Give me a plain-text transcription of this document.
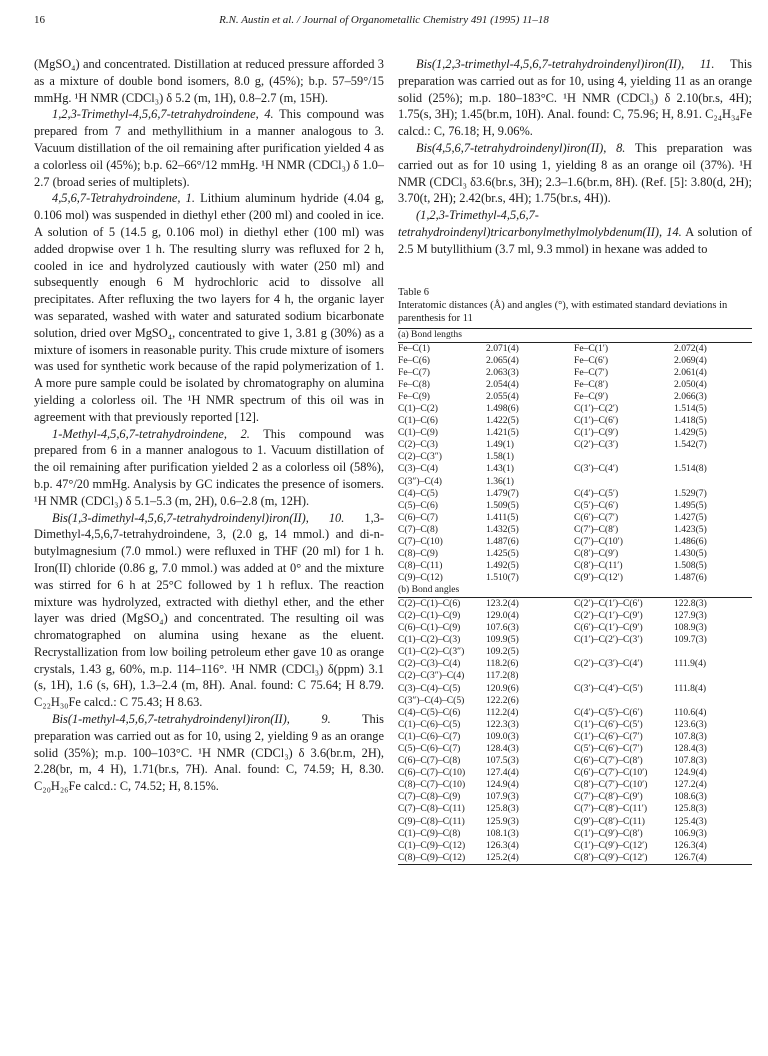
16	R.N. Austin et al. / Journal of Organometallic Chemistry 491 (1995) 11–18

(MgSO₄) and concentrated. Distillation at reduced pressure afforded 3 as a mixture of double bond isomers, 8.0 g, (45%); b.p. 57–59°/15 mmHg. ¹H NMR (CDCl₃) δ 5.2 (m, 1H), 0.8–2.7 (m, 15H).

1,2,3-Trimethyl-4,5,6,7-tetrahydroindene, 4. This compound was prepared from 7 and methyllithium in a manner analogous to 3. Vacuum distillation of the oil remaining after purification yielded 4 as a colorless oil (45%); b.p. 62–66°/12 mmHg. ¹H NMR (CDCl₃) δ 1.0–2.7 (broad series of multiplets).

4,5,6,7-Tetrahydroindene, 1. Lithium aluminum hydride (4.04 g, 0.106 mol) was suspended in diethyl ether (200 ml) and cooled in ice. A solution of 5 (14.5 g, 0.106 mol) in diethyl ether (100 ml) was added dropwise over 1 h. The resulting slurry was refluxed for 2 h, cooled in ice and hydrolyzed cautiously with water (250 ml) and subsequently enough 6 M hydrochloric acid to dissolve all precipitates. After refluxing the two layers for 4 h, the organic layer was separated, washed with water and saturated sodium bicarbonate solution, dried over MgSO₄, concentrated to give 1, 3.81 g (30%) as a mixture of isomers in reasonable purity. This crude mixture of isomers was used for synthetic work because of the rapid polymerization of 1. A more pure sample could be isolated by chromatography on alumina yielding a colorless oil. The ¹H NMR spectrum of this oil was in agreement with that previously reported [12].

1-Methyl-4,5,6,7-tetrahydroindene, 2. This compound was prepared from 6 in a manner analogous to 1. Vacuum distillation of the oil remaining after purification yielded 2 as a colorless oil (58%), b.p. 47°/20 mmHg. Analysis by GC indicates the presence of isomers. ¹H NMR (CDCl₃) δ 5.1–5.3 (m, 2H), 0.6–2.8 (m, 12H).

Bis(1,3-dimethyl-4,5,6,7-tetrahydroindenyl)iron(II), 10. 1,3-Dimethyl-4,5,6,7-tetrahydroindene, 3, (2.0 g, 14 mmol.) and di-n-butylmagnesium (7.0 mmol.) were refluxed in THF (20 ml) for 1 h. Iron(II) chloride (0.86 g, 7.0 mmol.) was added at 0° and the mixture was stirred for 6 h at 25°C followed by 1 h reflux. The reaction mixture was hydrolyzed, extracted with diethyl ether, and the ether layer was dried (MgSO₄) and concentrated. The resulting oil was chromatographed on alumina using hexane as the eluent. Recrystallization from low boiling petroleum ether gave 10 as orange crystals, 1.43 g, 60%, m.p. 114–116°. ¹H NMR (CDCl₃) δ(ppm) 3.1 (s, 1H), 1.6 (s, 6H), 1.3–2.4 (m, 8H). Anal. found: C 75.64; H 8.79. C₂₂H₃₀Fe calcd.: C 75.43; H 8.63.

Bis(1-methyl-4,5,6,7-tetrahydroindenyl)iron(II), 9. This preparation was carried out as for 10, using 2, yielding 9 as an orange solid (35%); m.p. 100–103°C. ¹H NMR (CDCl₃) δ 3.6(br.m, 2H), 2.28(br, m, 4 H), 1.71(br.s, 7H). Anal. found: C, 74.59; H, 8.30. C₂₀H₂₆Fe calcd.: C, 74.52; H, 8.15%.

Bis(1,2,3-trimethyl-4,5,6,7-tetrahydroindenyl)iron(II), 11. This preparation was carried out as for 10, using 4, yielding 11 as an orange solid (25%); m.p. 180–183°C. ¹H NMR (CDCl₃) δ 2.10(br.s, 4H); 1.75(s, 3H); 1.45(br.m, 10H). Anal. found: C, 75.96; H, 8.91. C₂₄H₃₄Fe calcd.: C, 76.18; H, 9.06%.

Bis(4,5,6,7-tetrahydroindenyl)iron(II), 8. This preparation was carried out as for 10 using 1, yielding 8 as an orange oil (37%). ¹H NMR (CDCl₃ δ3.6(br.s, 3H); 2.3–1.6(br.m, 8H). (Ref. [5]: 3.80(d, 2H); 3.70(t, 2H); 2.42(br.s, 4H); 1.75(br.s, 4H)).

(1,2,3-Trimethyl-4,5,6,7-tetrahydroindenyl)tricarbonylmethylmolybdenum(II), 14. A solution of 2.5 M butyllithium (3.7 ml, 9.3 mmol) in hexane was added to

Table 6
Interatomic distances (Å) and angles (°), with estimated standard deviations in parenthesis for 11
(a) Bond lengths
Fe–C(1)	2.071(4)	Fe–C(1′)	2.072(4)
Fe–C(6)	2.065(4)	Fe–C(6′)	2.069(4)
Fe–C(7)	2.063(3)	Fe–C(7′)	2.061(4)
Fe–C(8)	2.054(4)	Fe–C(8′)	2.050(4)
Fe–C(9)	2.055(4)	Fe–C(9′)	2.066(3)
C(1)–C(2)	1.498(6)	C(1′)–C(2′)	1.514(5)
C(1)–C(6)	1.422(5)	C(1′)–C(6′)	1.418(5)
C(1)–C(9)	1.421(5)	C(1′)–C(9′)	1.429(5)
C(2)–C(3)	1.49(1)	C(2′)–C(3′)	1.542(7)
C(2)–C(3″)	1.58(1)		
C(3)–C(4)	1.43(1)	C(3′)–C(4′)	1.514(8)
C(3″)–C(4)	1.36(1)		
C(4)–C(5)	1.479(7)	C(4′)–C(5′)	1.529(7)
C(5)–C(6)	1.509(5)	C(5′)–C(6′)	1.495(5)
C(6)–C(7)	1.411(5)	C(6′)–C(7′)	1.427(5)
C(7)–C(8)	1.432(5)	C(7′)–C(8′)	1.423(5)
C(7)–C(10)	1.487(6)	C(7′)–C(10′)	1.486(6)
C(8)–C(9)	1.425(5)	C(8′)–C(9′)	1.430(5)
C(8)–C(11)	1.492(5)	C(8′)–C(11′)	1.508(5)
C(9)–C(12)	1.510(7)	C(9′)–C(12′)	1.487(6)
(b) Bond angles
C(2)–C(1)–C(6)	123.2(4)	C(2′)–C(1′)–C(6′)	122.8(3)
C(2)–C(1)–C(9)	129.0(4)	C(2′)–C(1′)–C(9′)	127.9(3)
C(6)–C(1)–C(9)	107.6(3)	C(6′)–C(1′)–C(9′)	108.9(3)
C(1)–C(2)–C(3)	109.9(5)	C(1′)–C(2′)–C(3′)	109.7(3)
C(1)–C(2)–C(3″)	109.2(5)		
C(2)–C(3)–C(4)	118.2(6)	C(2′)–C(3′)–C(4′)	111.9(4)
C(2)–C(3″)–C(4)	117.2(8)		
C(3)–C(4)–C(5)	120.9(6)	C(3′)–C(4′)–C(5′)	111.8(4)
C(3″)–C(4)–C(5)	122.2(6)		
C(4)–C(5)–C(6)	112.2(4)	C(4′)–C(5′)–C(6′)	110.6(4)
C(1)–C(6)–C(5)	122.3(3)	C(1′)–C(6′)–C(5′)	123.6(3)
C(1)–C(6)–C(7)	109.0(3)	C(1′)–C(6′)–C(7′)	107.8(3)
C(5)–C(6)–C(7)	128.4(3)	C(5′)–C(6′)–C(7′)	128.4(3)
C(6)–C(7)–C(8)	107.5(3)	C(6′)–C(7′)–C(8′)	107.8(3)
C(6)–C(7)–C(10)	127.4(4)	C(6′)–C(7′)–C(10′)	124.9(4)
C(8)–C(7)–C(10)	124.9(4)	C(8′)–C(7′)–C(10′)	127.2(4)
C(7)–C(8)–C(9)	107.9(3)	C(7′)–C(8′)–C(9′)	108.6(3)
C(7)–C(8)–C(11)	125.8(3)	C(7′)–C(8′)–C(11′)	125.8(3)
C(9)–C(8)–C(11)	125.9(3)	C(9′)–C(8′)–C(11)	125.4(3)
C(1)–C(9)–C(8)	108.1(3)	C(1′)–C(9′)–C(8′)	106.9(3)
C(1)–C(9)–C(12)	126.3(4)	C(1′)–C(9′)–C(12′)	126.3(4)
C(8)–C(9)–C(12)	125.2(4)	C(8′)–C(9′)–C(12′)	126.7(4)
